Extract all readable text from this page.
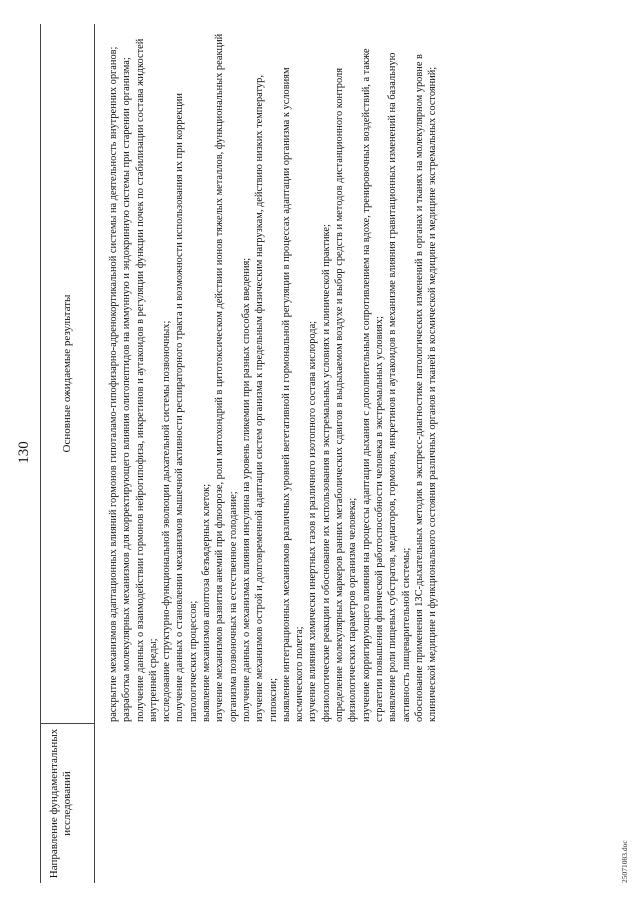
130
Направление фундаментальных исследований
Основные ожидаемые результаты	раскрытие механизмов адаптационных влияний гормонов гипоталамо-гипофизарно-адренокортикальной системы на деятельность внутренних органов; разработка молекулярных механизмов для корректирующего влияния олигопептидов на иммунную и эндокринную системы при старении организма; получение данных о взаимодействии гормонов нейрогипофиза, инкретинов и аутакоидов в регуляции функции почек по стабилизации состава жидкостей внутренней среды; исследование структурно-функциональной эволюции дыхательной системы позвоночных; получение данных о становлении механизмов мышечной активности респираторного тракта и возможности использования их при коррекции патологических процессов; выявление механизмов апоптоза безъядерных клеток; изучение механизмов развития анемий при флюорозе, роли митохондрий в цитотоксическом действии ионов тяжелых металлов, функциональных реакций организма позвоночных на естественное голодание; получение данных о механизмах влияния инсулина на уровень гликемии при разных способах введения; изучение механизмов острой и долговременной адаптации систем организма к предельным физическим нагрузкам, действию низких температур, гипоксии; выявление интеграционных механизмов различных уровней вегетативной и гормональной регуляции в процессах адаптации организма к условиям космического полета; изучение влияния химически инертных газов и различного изотопного состава кислорода; физиологические реакции и обоснование их использования в экстремальных условиях и клинической практике; определение молекулярных маркеров ранних метаболических сдвигов в выдыхаемом воздухе и выбор средств и методов дистанционного контроля физиологических параметров организма человека; изучение корригирующего влияния на процессы адаптации дыхания с дополнительным сопротивлением на вдохе, тренировочных воздействий, а также стратегии повышения физической работоспособности человека в экстремальных условиях; выявление роли пищевых субстратов, медиаторов, гормонов, инкретинов и аутакоидов в механизме влияния гравитационных изменений на базальную активность пищеварительной системы; обоснование применения 13С-дыхательных методик в экспресс-диагностике патологических изменений в органах и тканях на молекулярном уровне в клинической медицине и функционального состояния различных органов и тканей в космической медицине и медицине экстремальных состояний;

25071083.doc
